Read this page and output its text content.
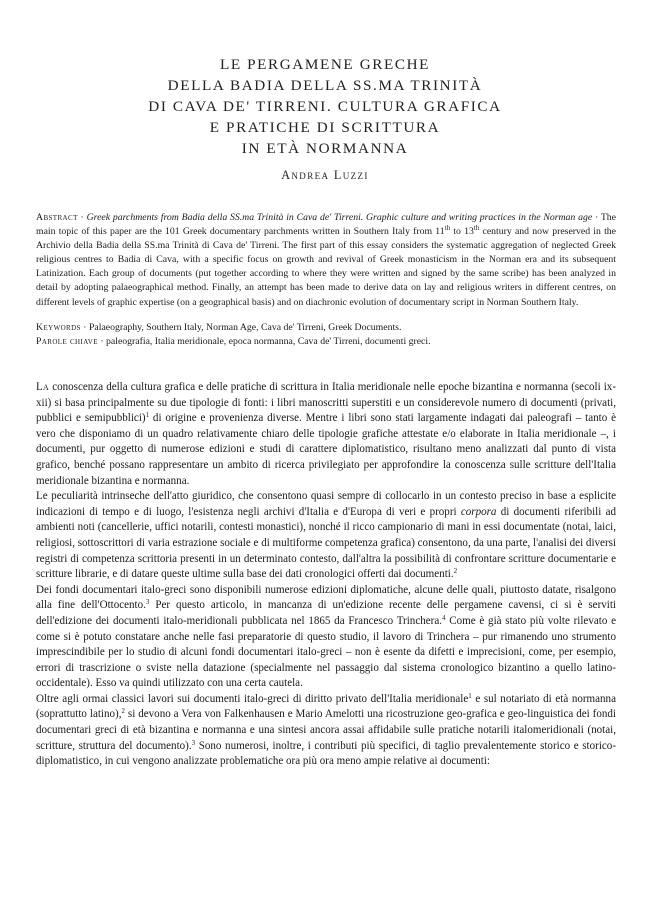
LE PERGAMENE GRECHE
DELLA BADIA DELLA SS.MA TRINITÀ
DI CAVA DE' TIRRENI. CULTURA GRAFICA
E PRATICHE DI SCRITTURA
IN ETÀ NORMANNA
Andrea Luzzi
Abstract · Greek parchments from Badia della SS.ma Trinità in Cava de' Tirreni. Graphic culture and writing practices in the Norman age · The main topic of this paper are the 101 Greek documentary parchments written in Southern Italy from 11th to 13th century and now preserved in the Archivio della Badia della SS.ma Trinità di Cava de' Tirreni. The first part of this essay considers the systematic aggregation of neglected Greek religious centres to Badia di Cava, with a specific focus on growth and revival of Greek monasticism in the Norman era and its subsequent Latinization. Each group of documents (put together according to where they were written and signed by the same scribe) has been analyzed in detail by adopting palaeographical method. Finally, an attempt has been made to derive data on lay and religious writers in different centres, on different levels of graphic expertise (on a geographical basis) and on diachronic evolution of documentary script in Norman Southern Italy.
Keywords · Palaeography, Southern Italy, Norman Age, Cava de' Tirreni, Greek Documents.
Parole chiave · paleografia, Italia meridionale, epoca normanna, Cava de' Tirreni, documenti greci.

La conoscenza della cultura grafica e delle pratiche di scrittura in Italia meridionale nelle epoche bizantina e normanna (secoli ix-xii) si basa principalmente su due tipologie di fonti: i libri manoscritti superstiti e un considerevole numero di documenti (privati, pubblici e semipubblici)$^1$ di origine e provenienza diverse. Mentre i libri sono stati largamente indagati dai paleografi – tanto è vero che disponiamo di un quadro relativamente chiaro delle tipologie grafiche attestate e/o elaborate in Italia meridionale –, i documenti, pur oggetto di numerose edizioni e studi di carattere diplomatistico, risultano meno analizzati dal punto di vista grafico, benché possano rappresentare un ambito di ricerca privilegiato per approfondire la conoscenza sulle scritture dell'Italia meridionale bizantina e normanna.

Le peculiarità intrinseche dell'atto giuridico, che consentono quasi sempre di collocarlo in un contesto preciso in base a esplicite indicazioni di tempo e di luogo, l'esistenza negli archivi d'Italia e d'Europa di veri e propri corpora di documenti riferibili ad ambienti noti (cancellerie, uffici notarili, contesti monastici), nonché il ricco campionario di mani in essi documentate (notai, laici, religiosi, sottoscrittori di varia estrazione sociale e di multiforme competenza grafica) consentono, da una parte, l'analisi dei diversi registri di competenza scrittoria presenti in un determinato contesto, dall'altra la possibilità di confrontare scritture documentarie e scritture librarie, e di datare queste ultime sulla base dei dati cronologici offerti dai documenti.$^2$

Dei fondi documentari italo-greci sono disponibili numerose edizioni diplomatiche, alcune delle quali, piuttosto datate, risalgono alla fine dell'Ottocento.$^3$ Per questo articolo, in mancanza di un'edizione recente delle pergamene cavensi, ci si è serviti dell'edizione dei documenti italo-meridionali pubblicata nel 1865 da Francesco Trinchera.$^4$ Come è già stato più volte rilevato e come si è potuto constatare anche nelle fasi preparatorie di questo studio, il lavoro di Trinchera – pur rimanendo uno strumento imprescindibile per lo studio di alcuni fondi documentari italo-greci – non è esente da difetti e imprecisioni, come, per esempio, errori di trascrizione o sviste nella datazione (specialmente nel passaggio dal sistema cronologico bizantino a quello latino-occidentale). Esso va quindi utilizzato con una certa cautela.

Oltre agli ormai classici lavori sui documenti italo-greci di diritto privato dell'Italia meridionale$^1$ e sul notariato di età normanna (soprattutto latino),$^2$ si devono a Vera von Falkenhausen e Mario Amelotti una ricostruzione geo-grafica e geo-linguistica dei fondi documentari greci di età bizantina e normanna e una sintesi ancora assai affidabile sulle pratiche notarili italomeridionali (notai, scritture, struttura del documento).$^3$ Sono numerosi, inoltre, i contributi più specifici, di taglio prevalentemente storico e storico-diplomatistico, in cui vengono analizzate problematiche ora più ora meno ampie relative ai documenti:
